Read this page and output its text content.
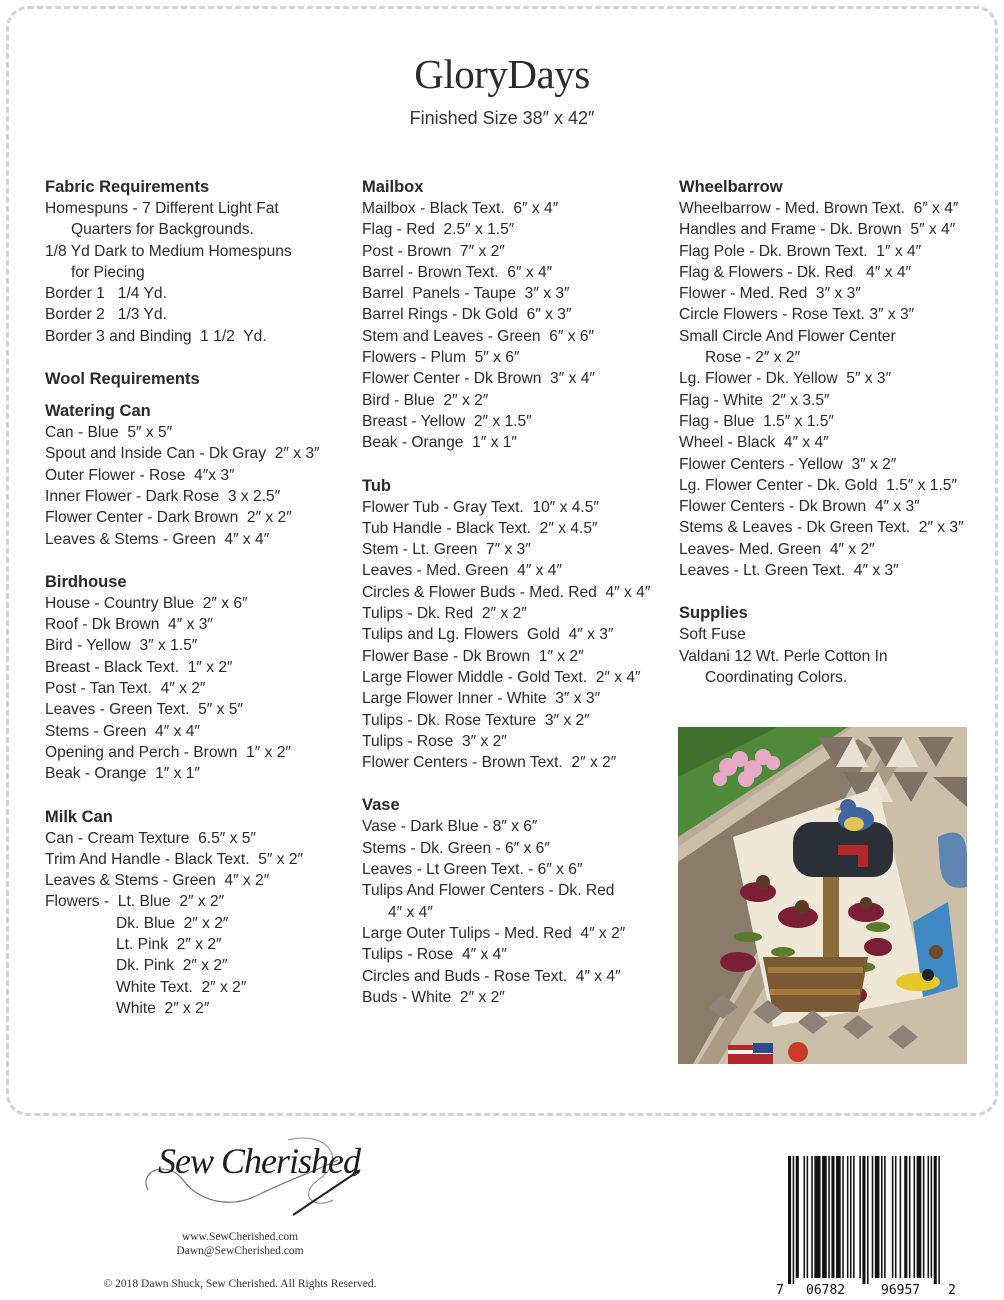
GloryDays
Finished Size 38″ x 42″
Fabric Requirements
Homespuns - 7 Different Light Fat
Quarters for Backgrounds.
1/8 Yd Dark to Medium Homespuns
for Piecing
Border 1   1/4 Yd.
Border 2   1/3 Yd.
Border 3 and Binding  1 1/2  Yd.
Wool Requirements
Watering Can
Can - Blue  5″ x 5″
Spout and Inside Can - Dk Gray  2″ x 3″
Outer Flower - Rose  4″x 3″
Inner Flower - Dark Rose  3 x 2.5″
Flower Center - Dark Brown  2″ x 2″
Leaves & Stems - Green  4″ x 4″
Birdhouse
House - Country Blue  2″ x 6″
Roof - Dk Brown  4″ x 3″
Bird - Yellow  3″ x 1.5″
Breast - Black Text.  1″ x 2″
Post - Tan Text.  4″ x 2″
Leaves - Green Text.  5″ x 5″
Stems - Green  4″ x 4″
Opening and Perch - Brown  1″ x 2″
Beak - Orange  1″ x 1″
Milk Can
Can - Cream Texture  6.5″ x 5″
Trim And Handle - Black Text.  5″ x 2″
Leaves & Stems - Green  4″ x 2″
Flowers -  Lt. Blue  2″ x 2″
Dk. Blue  2″ x 2″
Lt. Pink  2″ x 2″
Dk. Pink  2″ x 2″
White Text.  2″ x 2″
White  2″ x 2″
Mailbox
Mailbox - Black Text.  6″ x 4″
Flag - Red  2.5″ x 1.5″
Post - Brown  7″ x 2″
Barrel - Brown Text.  6″ x 4″
Barrel  Panels - Taupe  3″ x 3″
Barrel Rings - Dk Gold  6″ x 3″
Stem and Leaves - Green  6″ x 6″
Flowers - Plum  5″ x 6″
Flower Center - Dk Brown  3″ x 4″
Bird - Blue  2″ x 2″
Breast - Yellow  2″ x 1.5″
Beak - Orange  1″ x 1″
Tub
Flower Tub - Gray Text.  10″ x 4.5″
Tub Handle - Black Text.  2″ x 4.5″
Stem - Lt. Green  7″ x 3″
Leaves - Med. Green  4″ x 4″
Circles & Flower Buds - Med. Red  4″ x 4″
Tulips - Dk. Red  2″ x 2″
Tulips and Lg. Flowers  Gold  4″ x 3″
Flower Base - Dk Brown  1″ x 2″
Large Flower Middle - Gold Text.  2″ x 4″
Large Flower Inner - White  3″ x 3″
Tulips - Dk. Rose Texture  3″ x 2″
Tulips - Rose  3″ x 2″
Flower Centers - Brown Text.  2″ x 2″
Vase
Vase - Dark Blue - 8″ x 6″
Stems - Dk. Green - 6″ x 6″
Leaves - Lt Green Text. - 6″ x 6″
Tulips And Flower Centers - Dk. Red
4″ x 4″
Large Outer Tulips - Med. Red  4″ x 2″
Tulips - Rose  4″ x 4″
Circles and Buds - Rose Text.  4″ x 4″
Buds - White  2″ x 2″
Wheelbarrow
Wheelbarrow - Med. Brown Text.  6″ x 4″
Handles and Frame - Dk. Brown  5″ x 4″
Flag Pole - Dk. Brown Text.  1″ x 4″
Flag & Flowers - Dk. Red   4″ x 4″
Flower - Med. Red  3″ x 3″
Circle Flowers - Rose Text. 3″ x 3″
Small Circle And Flower Center
Rose - 2″ x 2″
Lg. Flower - Dk. Yellow  5″ x 3″
Flag - White  2″ x 3.5″
Flag - Blue  1.5″ x 1.5″
Wheel - Black  4″ x 4″
Flower Centers - Yellow  3″ x 2″
Lg. Flower Center - Dk. Gold  1.5″ x 1.5″
Flower Centers - Dk Brown  4″ x 3″
Stems & Leaves - Dk Green Text.  2″ x 3″
Leaves- Med. Green  4″ x 2″
Leaves - Lt. Green Text.  4″ x 3″
Supplies
Soft Fuse
Valdani 12 Wt. Perle Cotton In
Coordinating Colors.
Sew Cherished
www.SewCherished.com
Dawn@SewCherished.com
© 2018 Dawn Shuck, Sew Cherished. All Rights Reserved.	7 06782	96957 2
